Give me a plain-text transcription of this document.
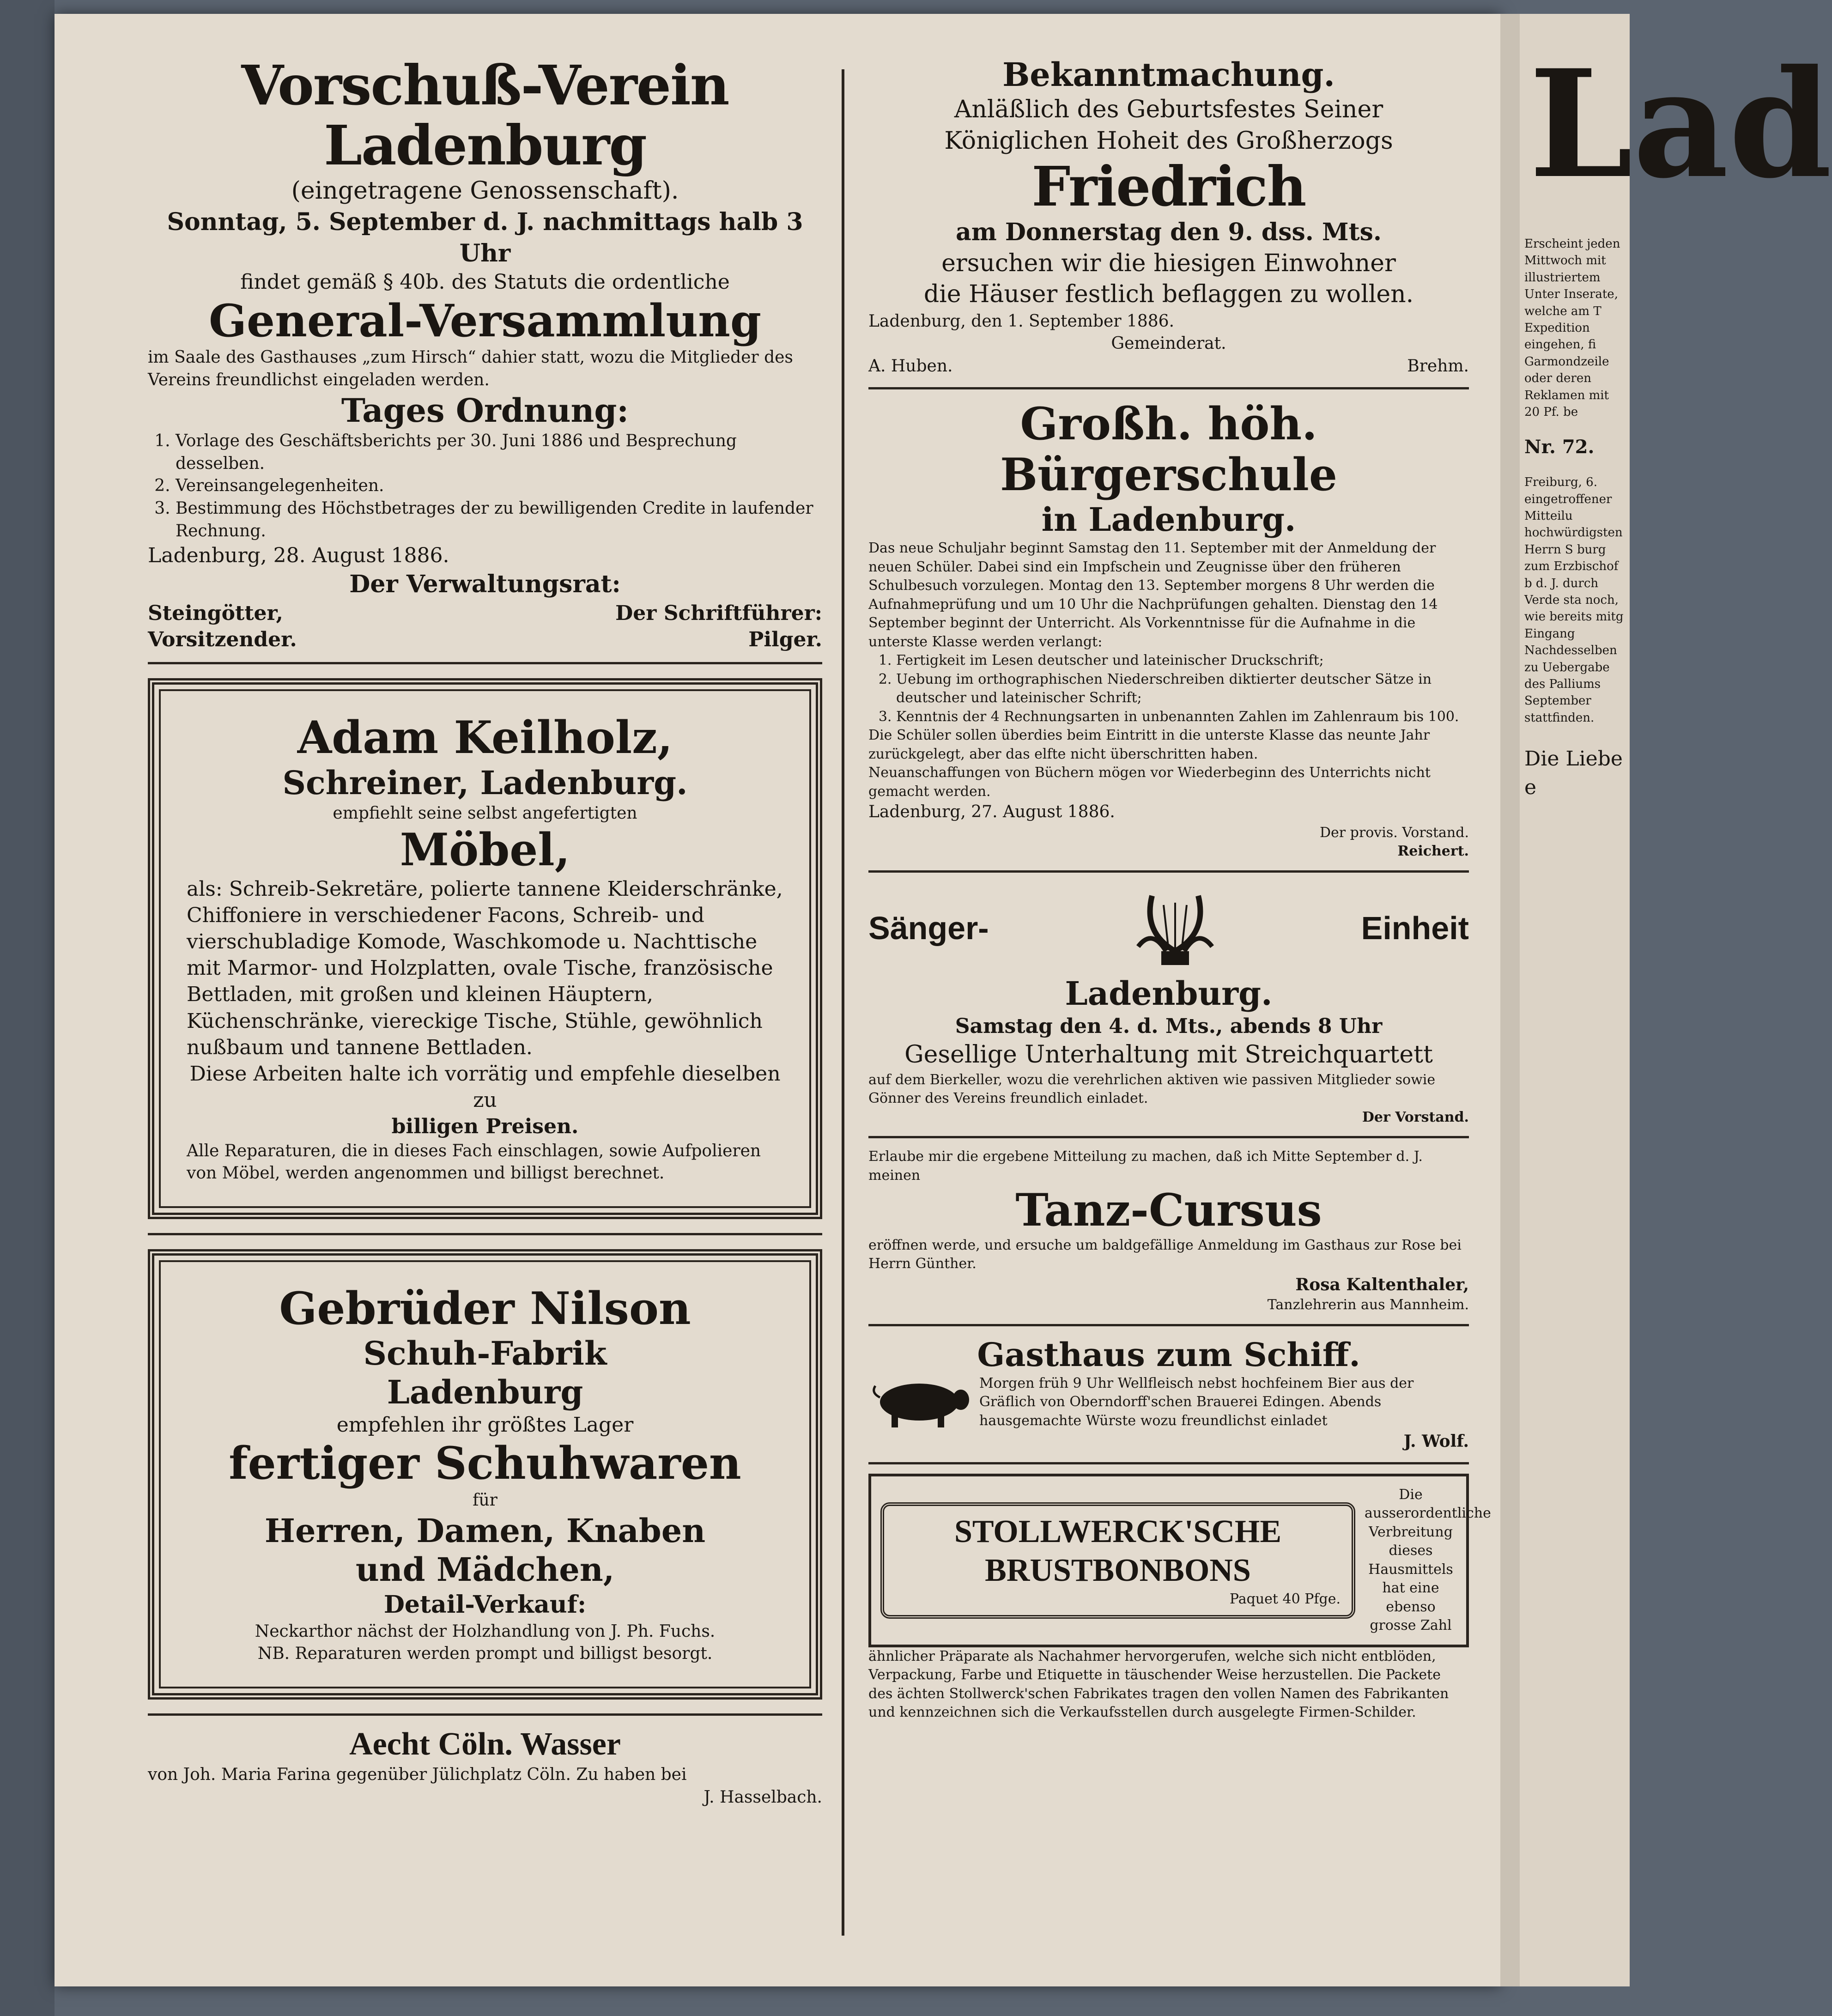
Vorschuß-Verein Ladenburg
(eingetragene Genossenschaft).
Sonntag, 5. September d. J. nachmittags halb 3 Uhr
findet gemäß § 40b. des Statuts die ordentliche
General-Versammlung
im Saale des Gasthauses „zum Hirsch“ dahier statt, wozu die Mitglieder des Vereins freundlichst eingeladen werden.
Tages Ordnung:
1. Vorlage des Geschäftsberichts per 30. Juni 1886 und Besprechung desselben.
2. Vereinsangelegenheiten.
3. Bestimmung des Höchstbetrages der zu bewilligenden Credite in laufender Rechnung.
Ladenburg, 28. August 1886.
Der Verwaltungsrat:
Steingötter,
Vorsitzender.
Der Schriftführer:
Pilger.
Adam Keilholz,
Schreiner, Ladenburg.
empfiehlt seine selbst angefertigten
Möbel,
als: Schreib-Sekretäre, polierte tannene Kleiderschränke, Chiffoniere in verschiedener Facons, Schreib- und vierschubladige Komode, Waschkomode u. Nachttische mit Marmor- und Holzplatten, ovale Tische, französische Bettladen, mit großen und kleinen Häuptern, Küchenschränke, viereckige Tische, Stühle, gewöhnlich nußbaum und tannene Bettladen.
Diese Arbeiten halte ich vorrätig und empfehle dieselben zu
billigen Preisen.
Alle Reparaturen, die in dieses Fach einschlagen, sowie Aufpolieren von Möbel, werden angenommen und billigst berechnet.
Gebrüder Nilson
Schuh-Fabrik
Ladenburg
empfehlen ihr größtes Lager
fertiger Schuhwaren
für
Herren, Damen, Knaben
und Mädchen,
Detail-Verkauf:
Neckarthor nächst der Holzhandlung von J. Ph. Fuchs.
NB. Reparaturen werden prompt und billigst besorgt.
Aecht Cöln. Wasser
von Joh. Maria Farina gegenüber Jülichplatz Cöln. Zu haben bei
J. Hasselbach.
Bekanntmachung.
Anläßlich des Geburtsfestes Seiner
Königlichen Hoheit des Großherzogs
Friedrich
am Donnerstag den 9. dss. Mts.
ersuchen wir die hiesigen Einwohner
die Häuser festlich beflaggen zu wollen.
Ladenburg, den 1. September 1886.
Gemeinderat.
A. Huben.	Brehm.
Großh. höh. Bürgerschule
in Ladenburg.
Das neue Schuljahr beginnt Samstag den 11. September mit der Anmeldung der neuen Schüler. Dabei sind ein Impfschein und Zeugnisse über den früheren Schulbesuch vorzulegen. Montag den 13. September morgens 8 Uhr werden die Aufnahmeprüfung und um 10 Uhr die Nachprüfungen gehalten. Dienstag den 14 September beginnt der Unterricht. Als Vorkenntnisse für die Aufnahme in die unterste Klasse werden verlangt:
1. Fertigkeit im Lesen deutscher und lateinischer Druckschrift;
2. Uebung im orthographischen Niederschreiben diktierter deutscher Sätze in deutscher und lateinischer Schrift;
3. Kenntnis der 4 Rechnungsarten in unbenannten Zahlen im Zahlenraum bis 100.
Die Schüler sollen überdies beim Eintritt in die unterste Klasse das neunte Jahr zurückgelegt, aber das elfte nicht überschritten haben.
Neuanschaffungen von Büchern mögen vor Wiederbeginn des Unterrichts nicht gemacht werden.
Ladenburg, 27. August 1886.
Der provis. Vorstand.
Reichert.
Sänger-	Einheit
Ladenburg.
Samstag den 4. d. Mts., abends 8 Uhr
Gesellige Unterhaltung mit Streichquartett
auf dem Bierkeller, wozu die verehrlichen aktiven wie passiven Mitglieder sowie Gönner des Vereins freundlich einladet.
Der Vorstand.
Erlaube mir die ergebene Mitteilung zu machen, daß ich Mitte September d. J. meinen
Tanz-Cursus
eröffnen werde, und ersuche um baldgefällige Anmeldung im Gasthaus zur Rose bei Herrn Günther.
Rosa Kaltenthaler,
Tanzlehrerin aus Mannheim.
Gasthaus zum Schiff.
Morgen früh 9 Uhr Wellfleisch nebst hochfeinem Bier aus der Gräflich von Oberndorff'schen Brauerei Edingen. Abends hausgemachte Würste wozu freundlichst einladet
J. Wolf.
STOLLWERCK'SCHE
BRUSTBONBONS
Paquet 40 Pfge.
Die ausserordentliche Verbreitung dieses Hausmittels hat eine ebenso grosse Zahl
ähnlicher Präparate als Nachahmer hervorgerufen, welche sich nicht entblöden, Verpackung, Farbe und Etiquette in täuschender Weise herzustellen. Die Packete des ächten Stollwerck'schen Fabrikates tragen den vollen Namen des Fabrikanten und kennzeichnen sich die Verkaufsstellen durch ausgelegte Firmen-Schilder.
Lad
Erscheint jeden Mittwoch mit illustriertem Unter Inserate, welche am T Expedition eingehen, fi Garmondzeile oder deren Reklamen mit 20 Pf. be
Nr. 72.
Freiburg, 6. eingetroffener Mitteilu hochwürdigsten Herrn S burg zum Erzbischof b d. J. durch Verde sta noch, wie bereits mitg Eingang Nachdesselben zu Uebergabe des Palliums September stattfinden.
Die Liebe e
